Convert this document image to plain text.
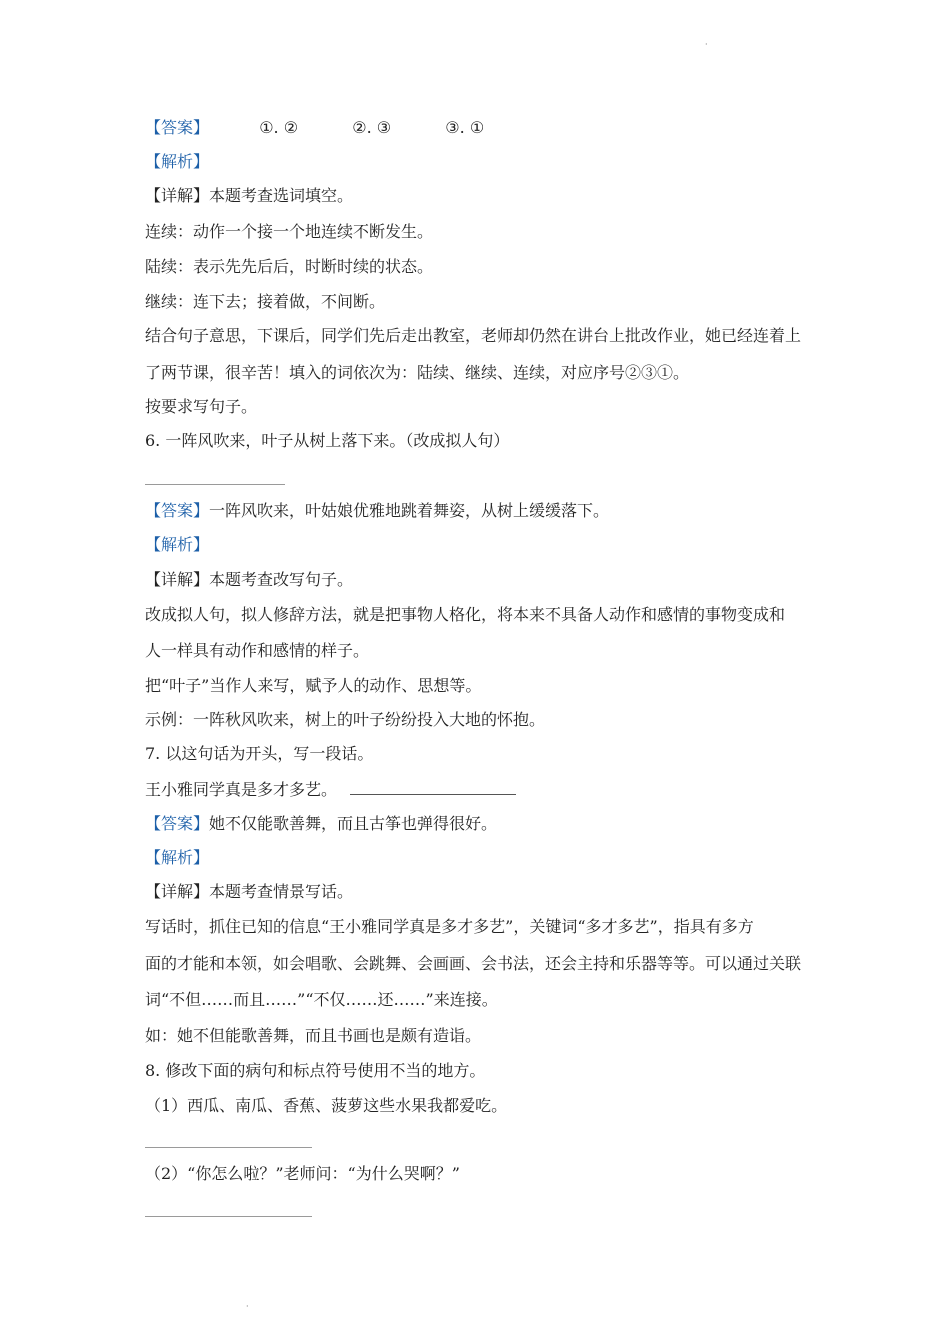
·
【答案】	①. ②	②. ③	③. ①
【解析】
【详解】本题考查选词填空。
连续：动作一个接一个地连续不断发生。
陆续：表示先先后后，时断时续的状态。
继续：连下去；接着做，不间断。
结合句子意思，下课后，同学们先后走出教室，老师却仍然在讲台上批改作业，她已经连着上
了两节课，很辛苦！填入的词依次为：陆续、继续、连续，对应序号②③①。
按要求写句子。
6. 一阵风吹来，叶子从树上落下来。（改成拟人句）
【答案】一阵风吹来，叶姑娘优雅地跳着舞姿，从树上缓缓落下。
【解析】
【详解】本题考查改写句子。
改成拟人句，拟人修辞方法，就是把事物人格化，将本来不具备人动作和感情的事物变成和
人一样具有动作和感情的样子。
把“叶子”当作人来写，赋予人的动作、思想等。
示例：一阵秋风吹来，树上的叶子纷纷投入大地的怀抱。
7. 以这句话为开头，写一段话。
王小雅同学真是多才多艺。
【答案】她不仅能歌善舞，而且古筝也弹得很好。
【解析】
【详解】本题考查情景写话。
写话时，抓住已知的信息“王小雅同学真是多才多艺”，关键词“多才多艺”，指具有多方
面的才能和本领，如会唱歌、会跳舞、会画画、会书法，还会主持和乐器等等。可以通过关联
词“不但……而且……”“不仅……还……”来连接。
如：她不但能歌善舞，而且书画也是颇有造诣。
8. 修改下面的病句和标点符号使用不当的地方。
（1）西瓜、南瓜、香蕉、菠萝这些水果我都爱吃。
（2）“你怎么啦？”老师问：“为什么哭啊？”
·
